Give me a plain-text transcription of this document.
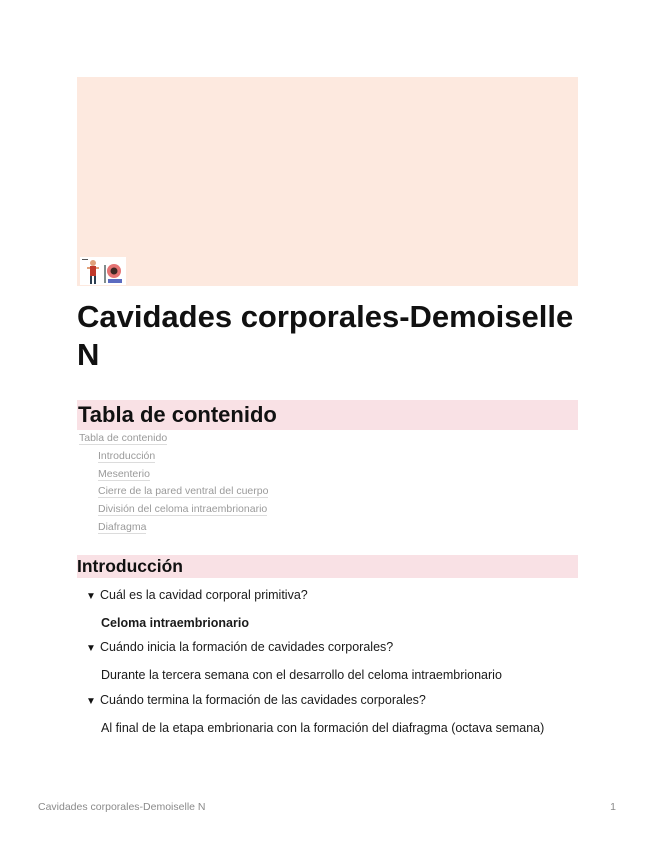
Cavidades corporales-Demoiselle N
Tabla de contenido
Tabla de contenido
Introducción
Mesenterio
Cierre de la pared ventral del cuerpo
División del celoma intraembrionario
Diafragma
Introducción
▼ Cuál es la cavidad corporal primitiva?
Celoma intraembrionario
▼ Cuándo inicia la formación de cavidades corporales?
Durante la tercera semana con el desarrollo del celoma intraembrionario
▼ Cuándo termina la formación de las cavidades corporales?
Al final de la etapa embrionaria con la formación del diafragma (octava semana)
Cavidades corporales-Demoiselle N	1
